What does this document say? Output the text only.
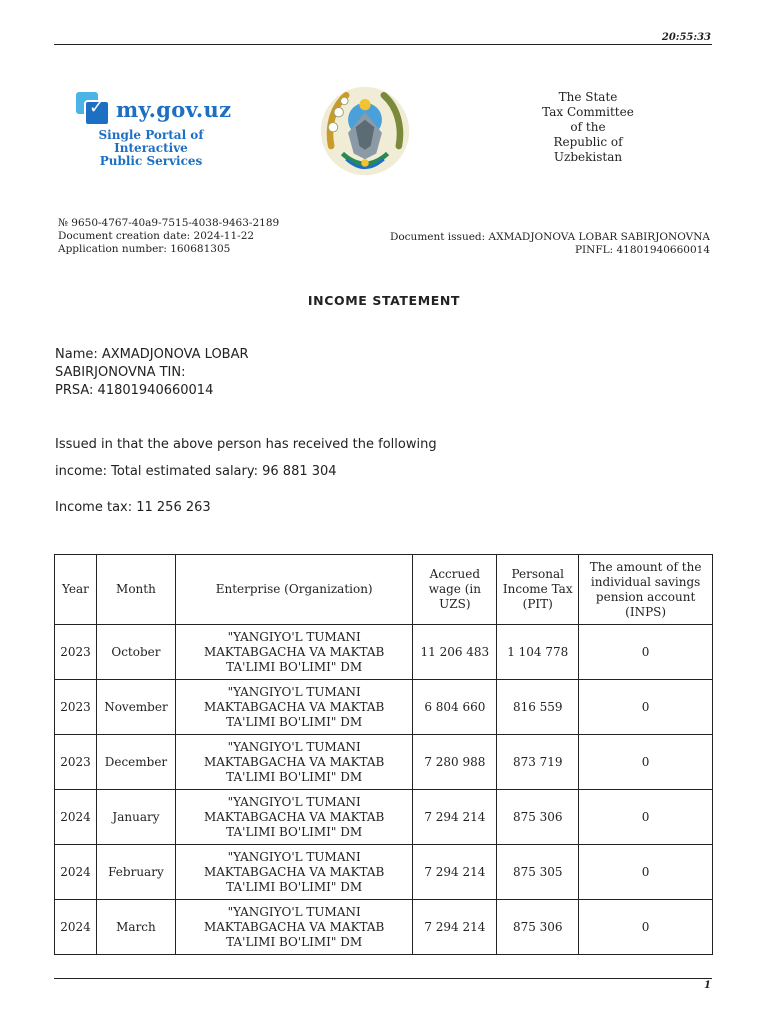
20:55:33
✓ my.gov.uz
Single Portal of
Interactive
Public Services
The State
Tax Committee
of the
Republic of
Uzbekistan
№ 9650-4767-40a9-7515-4038-9463-2189
Document creation date: 2024-11-22
Application number: 160681305
Document issued: AXMADJONOVA LOBAR SABIRJONOVNA
PINFL: 41801940660014
INCOME STATEMENT
Name: AXMADJONOVA LOBAR
SABIRJONOVNA TIN:
PRSA: 41801940660014
Issued in that the above person has received the following
income: Total estimated salary: 96 881 304
Income tax: 11 256 263
Year	Month	Enterprise (Organization)	Accrued wage (in UZS)	Personal Income Tax (PIT)	The amount of the individual savings pension account (INPS)
2023	October	"YANGIYO'L TUMANI MAKTABGACHA VA MAKTAB TA'LIMI BO'LIMI" DM	11 206 483	1 104 778	0
2023	November	"YANGIYO'L TUMANI MAKTABGACHA VA MAKTAB TA'LIMI BO'LIMI" DM	6 804 660	816 559	0
2023	December	"YANGIYO'L TUMANI MAKTABGACHA VA MAKTAB TA'LIMI BO'LIMI" DM	7 280 988	873 719	0
2024	January	"YANGIYO'L TUMANI MAKTABGACHA VA MAKTAB TA'LIMI BO'LIMI" DM	7 294 214	875 306	0
2024	February	"YANGIYO'L TUMANI MAKTABGACHA VA MAKTAB TA'LIMI BO'LIMI" DM	7 294 214	875 305	0
2024	March	"YANGIYO'L TUMANI MAKTABGACHA VA MAKTAB TA'LIMI BO'LIMI" DM	7 294 214	875 306	0
1
